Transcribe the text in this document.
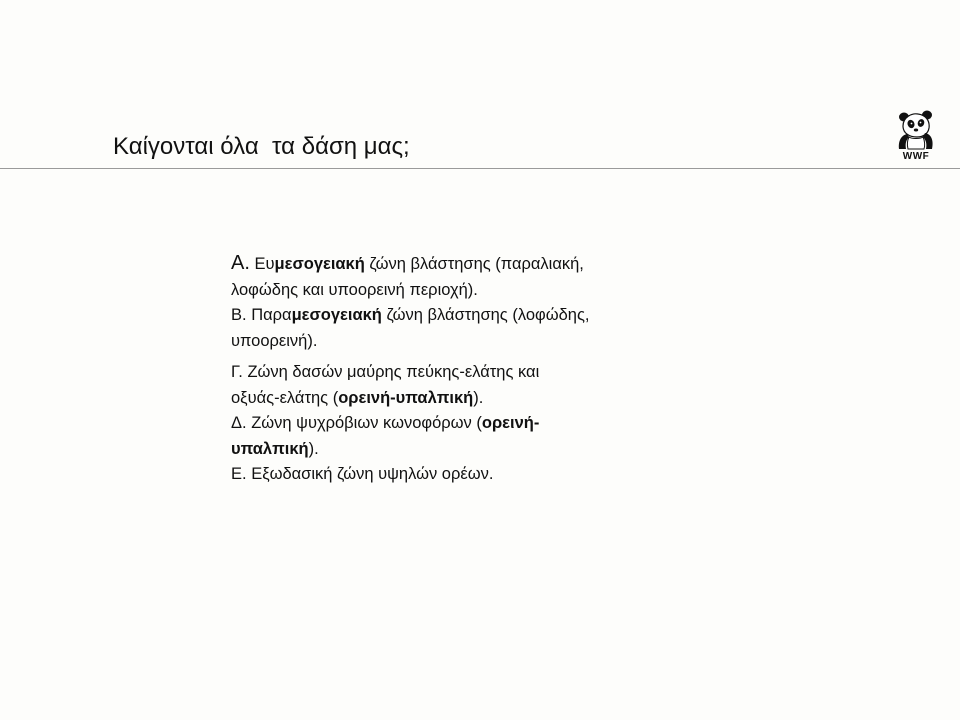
Καίγονται όλα  τα δάση μας;	WWF

Α. Ευμεσογειακή ζώνη βλάστησης (παραλιακή, λοφώδης και υποορεινή περιοχή).

Β. Παραμεσογειακή ζώνη βλάστησης (λοφώδης, υποορεινή).

Γ. Ζώνη δασών μαύρης πεύκης-ελάτης και οξυάς-ελάτης (ορεινή-υπαλπική).

Δ. Ζώνη ψυχρόβιων κωνοφόρων (ορεινή-υπαλπική).

Ε. Εξωδασική ζώνη υψηλών ορέων.
